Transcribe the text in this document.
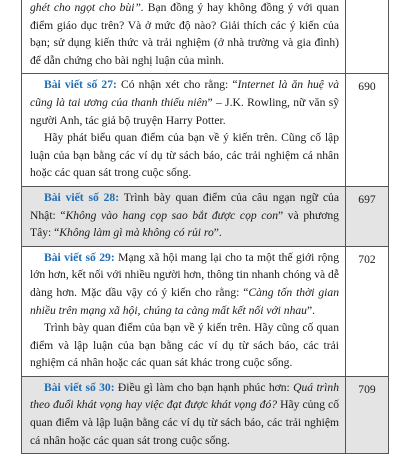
ghét cho ngọt cho bùi”. Bạn đồng ý hay không đồng ý với quan điểm giáo dục trên? Và ở mức độ nào? Giải thích các ý kiến của bạn; sử dụng kiến thức và trải nghiệm (ở nhà trường và gia đình) để dẫn chứng cho bài nghị luận của mình.	

Bài viết số 27: Có nhận xét cho rằng: “Internet là ăn huệ và cũng là tai ương của thanh thiếu niên” – J.K. Rowling, nữ văn sỹ người Anh, tác giả bộ truyện Harry Potter.

Hãy phát biểu quan điểm của bạn về ý kiến trên. Cũng cố lập luận của bạn bằng các ví dụ từ sách báo, các trải nghiệm cá nhân hoặc các quan sát trong cuộc sống.	690

Bài viết số 28: Trình bày quan điểm của câu ngạn ngữ của Nhật: “Không vào hang cọp sao bắt được cọp con” và phương Tây: “Không làm gì mà không có rủi ro”.	697

Bài viết số 29: Mạng xã hội mang lại cho ta một thế giới rộng lớn hơn, kết nối với nhiều người hơn, thông tin nhanh chóng và dễ dàng hơn. Mặc dầu vậy có ý kiến cho rằng: “Càng tốn thời gian nhiều trên mạng xã hội, chúng ta càng mất kết nối với nhau”.

Trình bày quan điểm của bạn về ý kiến trên. Hãy cũng cố quan điểm và lập luận của bạn bằng các ví dụ từ sách báo, các trải nghiệm cá nhân hoặc các quan sát khác trong cuộc sống.	702

Bài viết số 30: Điều gì làm cho bạn hạnh phúc hơn: Quá trình theo đuổi khát vọng hay việc đạt được khát vọng đó? Hãy củng cố quan điểm và lập luận bằng các ví dụ từ sách báo, các trải nghiệm cá nhân hoặc các quan sát trong cuộc sống.	709
